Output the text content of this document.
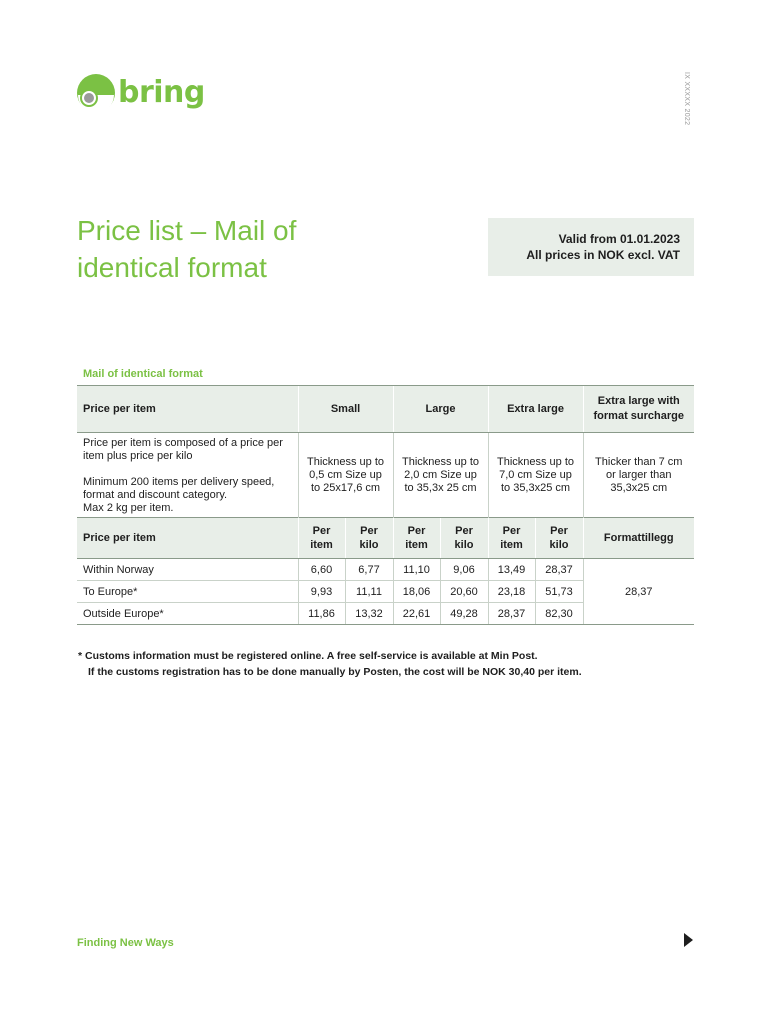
bring	IX XXXXX 2022
Price list – Mail of identical format
Valid from 01.01.2023
All prices in NOK excl. VAT
Mail of identical format
Price per item	Small		Large		Extra large		Extra large with format surcharge

Price per item is composed of a price per item plus price per kilo
Minimum 200 items per delivery speed, format and discount category.
Max 2 kg per item.	Thickness up to 0,5 cm Size up to 25x17,6 cm		Thickness up to 2,0 cm Size up to 35,3x 25 cm		Thickness up to 7,0 cm Size up to 35,3x25 cm		Thicker than 7 cm or larger than 35,3x25 cm
Price per item	Per item	Per kilo	Per item	Per kilo	Per item	Per kilo	Formattillegg
Within Norway	6,60	6,77	11,10	9,06	13,49	28,37	28,37
To Europe*	9,93	11,11	18,06	20,60	23,18	51,73	
Outside Europe*	11,86	13,32	22,61	49,28	28,37	82,30	
* Customs information must be registered online. A free self-service is available at Min Post.
If the customs registration has to be done manually by Posten, the cost will be NOK 30,40 per item.
Finding New Ways
